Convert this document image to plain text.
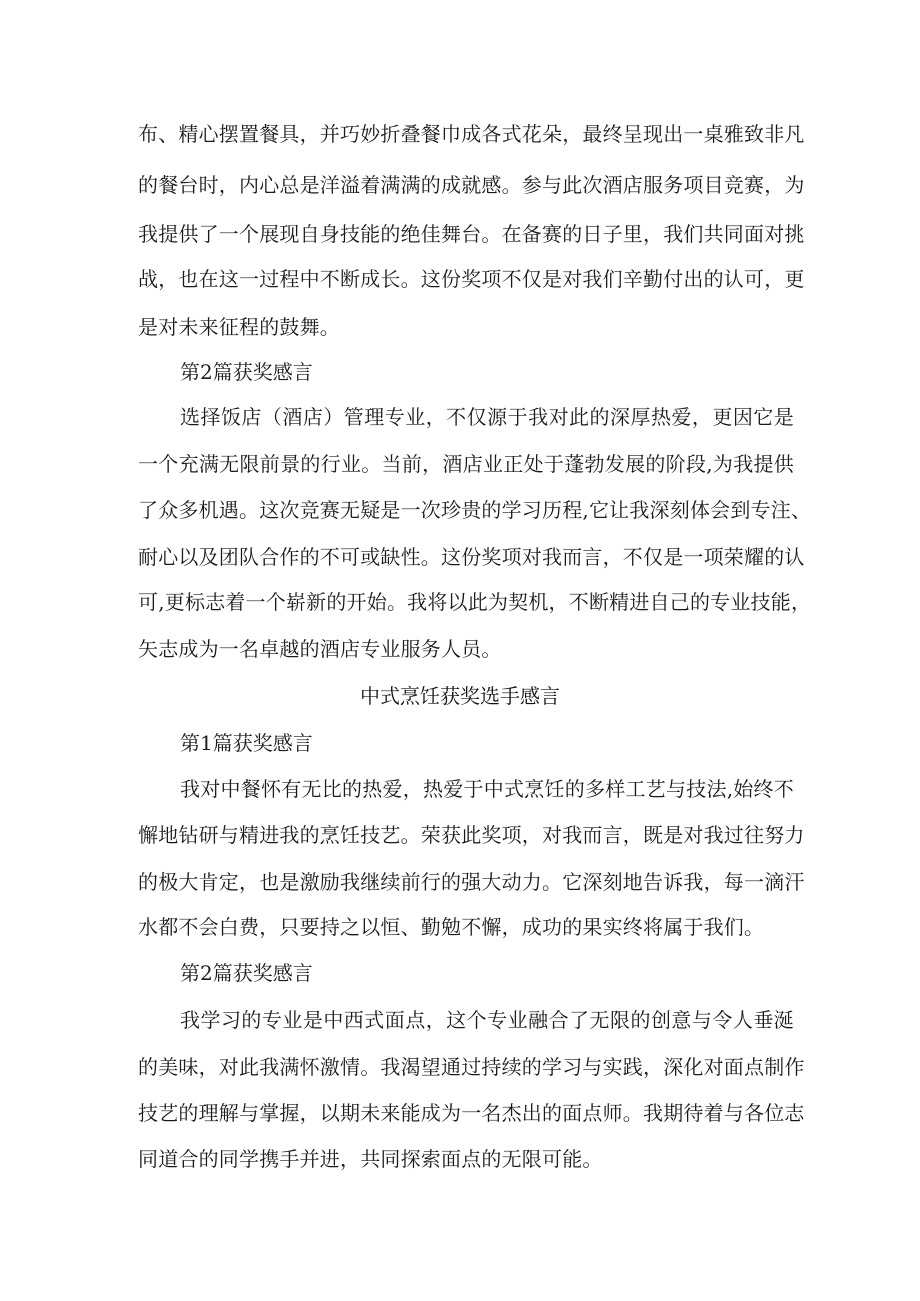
布、精心摆置餐具，并巧妙折叠餐巾成各式花朵，最终呈现出一桌雅致非凡
的餐台时，内心总是洋溢着满满的成就感。参与此次酒店服务项目竞赛，为
我提供了一个展现自身技能的绝佳舞台。在备赛的日子里，我们共同面对挑
战，也在这一过程中不断成长。这份奖项不仅是对我们辛勤付出的认可，更
是对未来征程的鼓舞。
第2篇获奖感言
选择饭店（酒店）管理专业，不仅源于我对此的深厚热爱，更因它是
一个充满无限前景的行业。当前，酒店业正处于蓬勃发展的阶段,为我提供
了众多机遇。这次竞赛无疑是一次珍贵的学习历程,它让我深刻体会到专注、
耐心以及团队合作的不可或缺性。这份奖项对我而言，不仅是一项荣耀的认
可,更标志着一个崭新的开始。我将以此为契机，不断精进自己的专业技能，
矢志成为一名卓越的酒店专业服务人员。
中式烹饪获奖选手感言
第1篇获奖感言
我对中餐怀有无比的热爱，热爱于中式烹饪的多样工艺与技法,始终不
懈地钻研与精进我的烹饪技艺。荣获此奖项，对我而言，既是对我过往努力
的极大肯定，也是激励我继续前行的强大动力。它深刻地告诉我，每一滴汗
水都不会白费，只要持之以恒、勤勉不懈，成功的果实终将属于我们。
第2篇获奖感言
我学习的专业是中西式面点，这个专业融合了无限的创意与令人垂涎
的美味，对此我满怀激情。我渴望通过持续的学习与实践，深化对面点制作
技艺的理解与掌握，以期未来能成为一名杰出的面点师。我期待着与各位志
同道合的同学携手并进，共同探索面点的无限可能。
